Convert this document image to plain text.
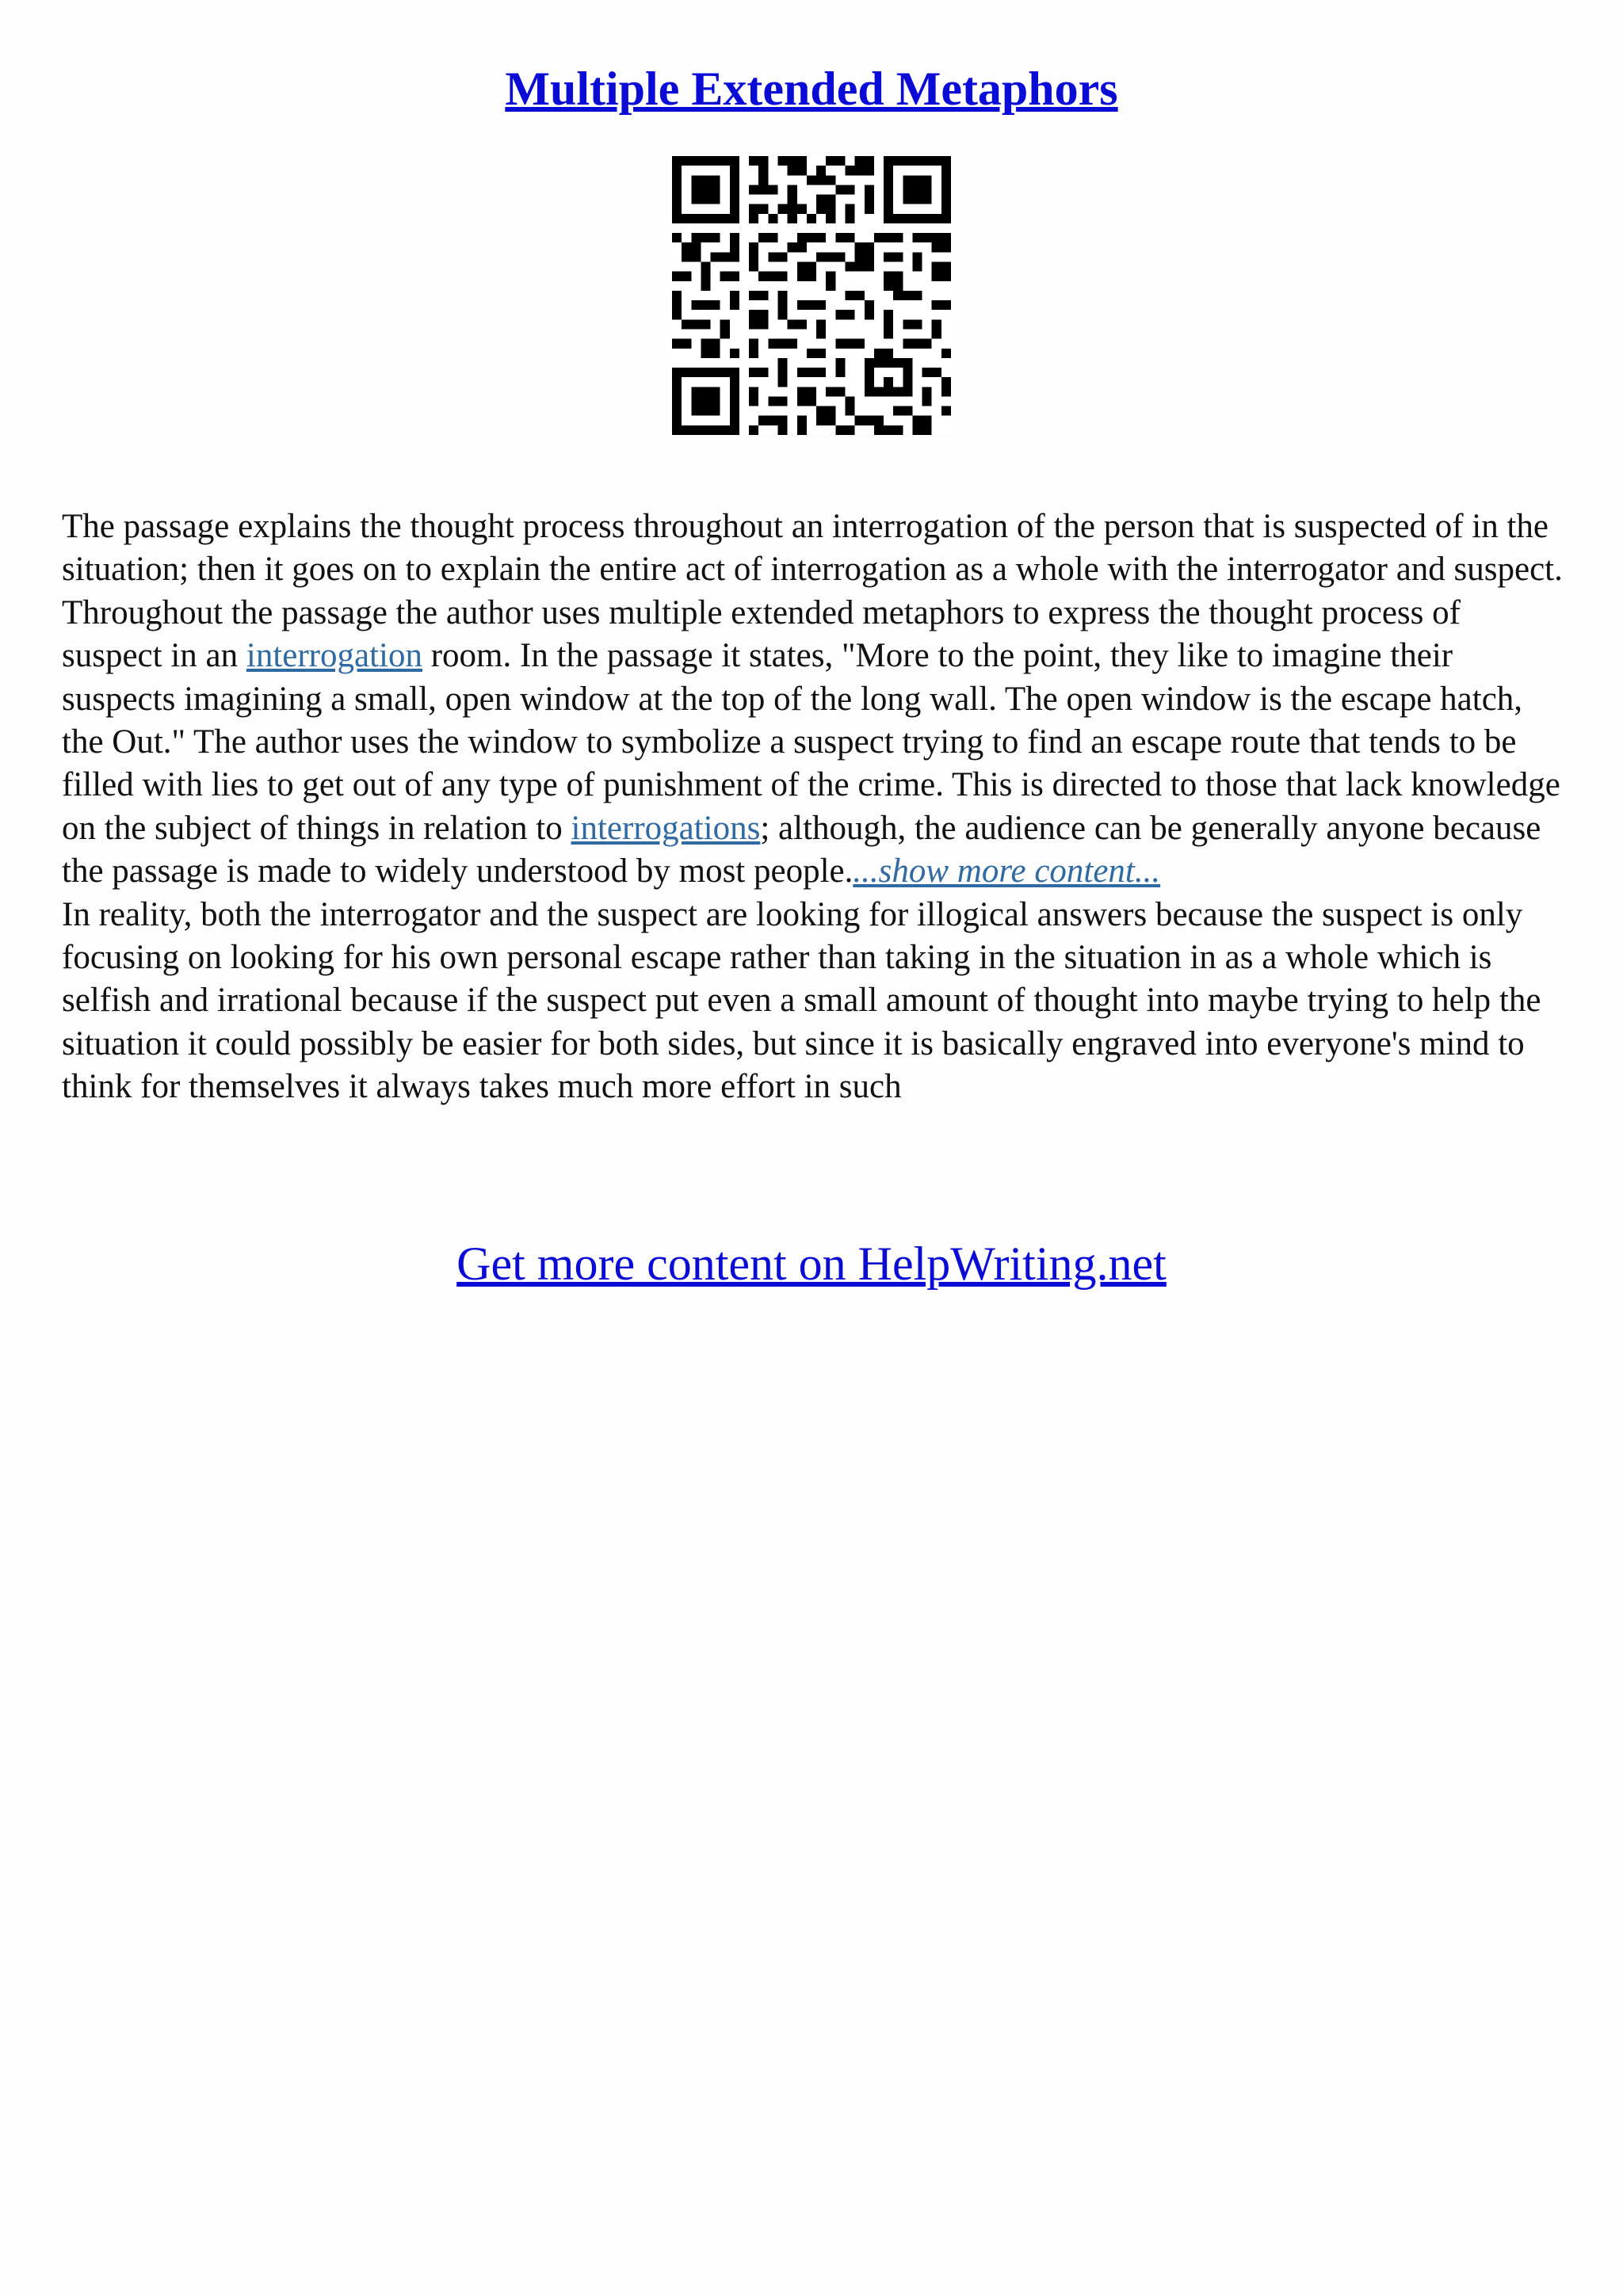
Multiple Extended Metaphors

The passage explains the thought process throughout an interrogation of the person that is suspected of in the situation; then it goes on to explain the entire act of interrogation as a whole with the interrogator and suspect. Throughout the passage the author uses multiple extended metaphors to express the thought process of suspect in an interrogation room. In the passage it states, "More to the point, they like to imagine their suspects imagining a small, open window at the top of the long wall. The open window is the escape hatch, the Out." The author uses the window to symbolize a suspect trying to find an escape route that tends to be filled with lies to get out of any type of punishment of the crime. This is directed to those that lack knowledge on the subject of things in relation to interrogations; although, the audience can be generally anyone because the passage is made to widely understood by most people....show more content...

In reality, both the interrogator and the suspect are looking for illogical answers because the suspect is only focusing on looking for his own personal escape rather than taking in the situation in as a whole which is selfish and irrational because if the suspect put even a small amount of thought into maybe trying to help the situation it could possibly be easier for both sides, but since it is basically engraved into everyone's mind to think for themselves it always takes much more effort in such

Get more content on HelpWriting.net
